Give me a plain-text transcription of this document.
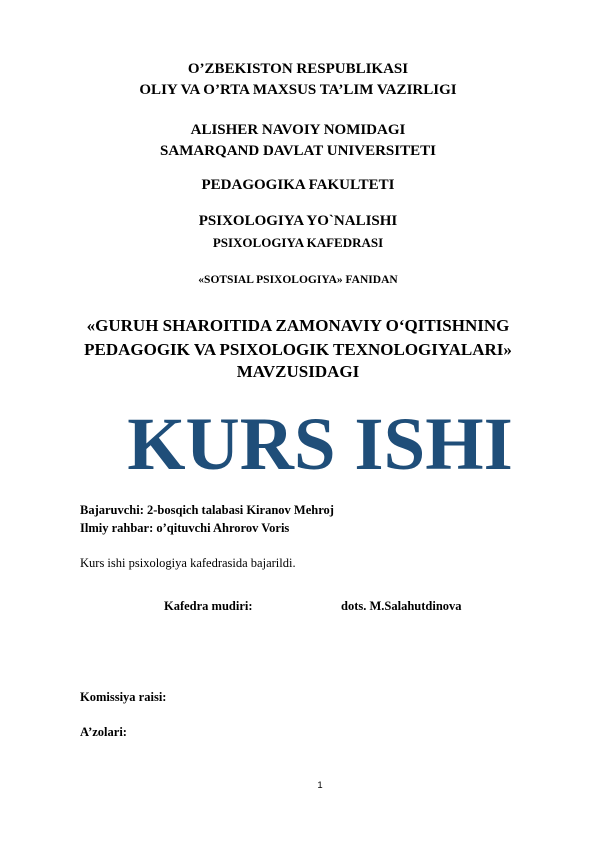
O’ZBEKISTON RESPUBLIKASI
OLIY VA O’RTA MAXSUS TA’LIM VAZIRLIGI
ALISHER NAVOIY NOMIDAGI
SAMARQAND DAVLAT UNIVERSITETI
PEDAGOGIKA FAKULTETI
PSIXOLOGIYA YO`NALISHI
PSIXOLOGIYA KAFEDRASI
«SOTSIAL PSIXOLOGIYA» FANIDAN
«GURUH SHAROITIDA ZAMONAVIY O‘QITISHNING
PEDAGOGIK VA PSIXOLOGIK TEXNOLOGIYALARI»
MAVZUSIDAGI
KURS ISHI
Bajaruvchi: 2-bosqich talabasi Kiranov Mehroj
Ilmiy rahbar: o’qituvchi Ahrorov Voris
Kurs ishi psixologiya kafedrasida bajarildi.
Kafedra mudiri:	dots. M.Salahutdinova
Komissiya raisi:
A’zolari:
1
